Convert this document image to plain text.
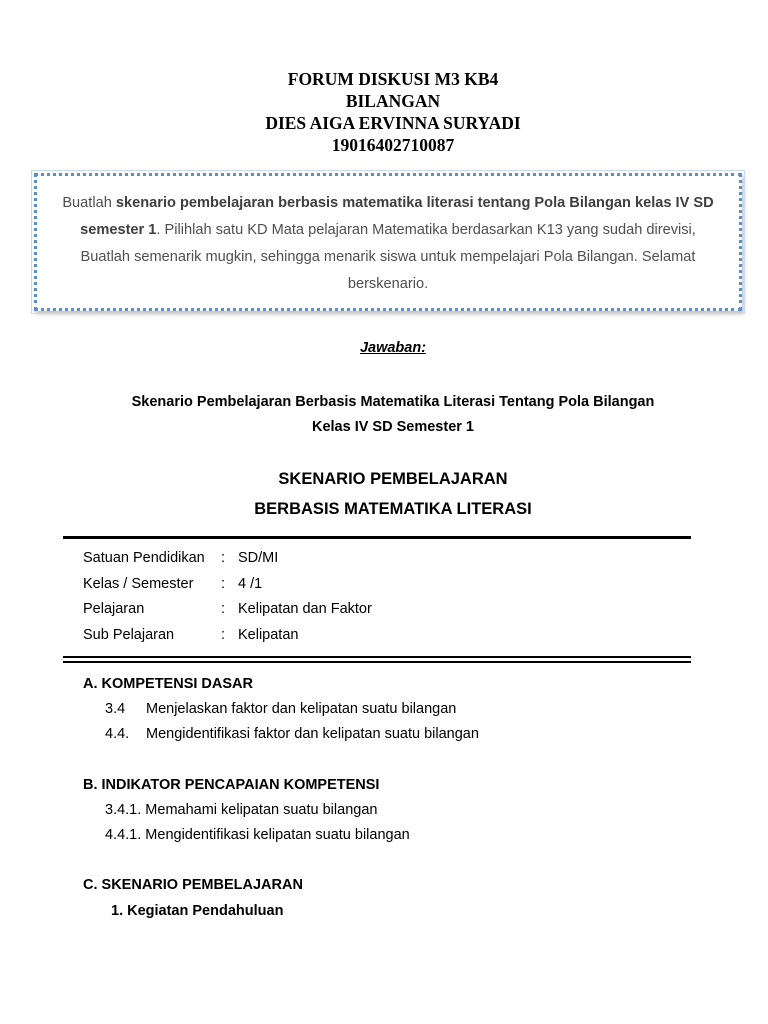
FORUM DISKUSI M3 KB4
BILANGAN
DIES AIGA ERVINNA SURYADI
19016402710087
Buatlah skenario pembelajaran berbasis matematika literasi tentang Pola Bilangan kelas IV SD semester 1. Pilihlah satu KD Mata pelajaran Matematika berdasarkan K13 yang sudah direvisi, Buatlah semenarik mugkin, sehingga menarik siswa untuk mempelajari Pola Bilangan. Selamat berskenario.
Jawaban:
Skenario Pembelajaran Berbasis Matematika Literasi Tentang Pola Bilangan
Kelas IV SD Semester 1
SKENARIO PEMBELAJARAN
BERBASIS MATEMATIKA LITERASI
Satuan Pendidikan : SD/MI
Kelas / Semester : 4 /1
Pelajaran	: Kelipatan dan Faktor
Sub Pelajaran	: Kelipatan
A. KOMPETENSI DASAR
3.4 Menjelaskan faktor dan kelipatan suatu bilangan
4.4. Mengidentifikasi faktor dan kelipatan suatu bilangan
B. INDIKATOR PENCAPAIAN KOMPETENSI
3.4.1. Memahami kelipatan suatu bilangan
4.4.1. Mengidentifikasi kelipatan suatu bilangan
C. SKENARIO PEMBELAJARAN
1. Kegiatan Pendahuluan
